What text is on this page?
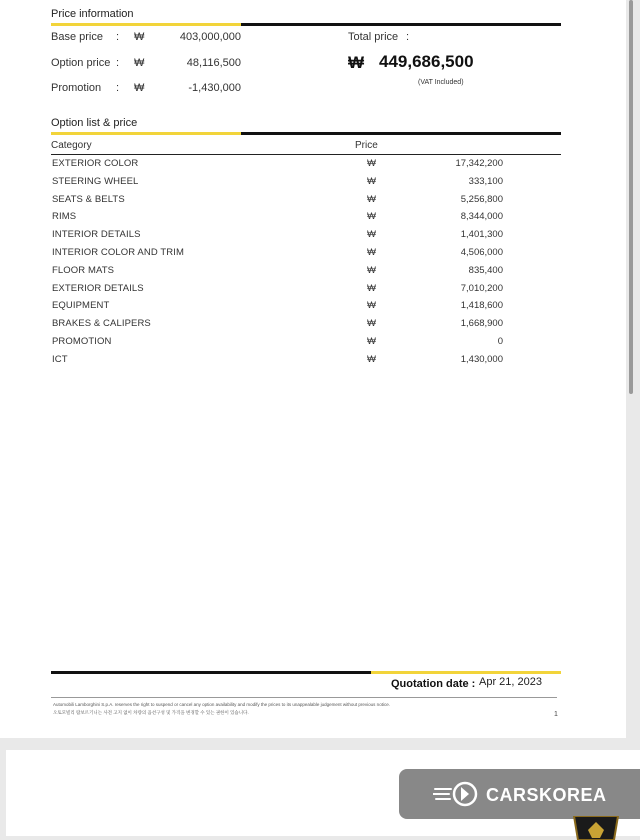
Price information
Base price : ₩	403,000,000
Option price : ₩	48,116,500
Promotion : ₩	-1,430,000
Total price :
₩ 449,686,500
(VAT Included)
Option list & price
Category	Price
EXTERIOR COLOR	₩	17,342,200
STEERING WHEEL	₩	333,100
SEATS & BELTS	₩	5,256,800
RIMS	₩	8,344,000
INTERIOR DETAILS	₩	1,401,300
INTERIOR COLOR AND TRIM	₩	4,506,000
FLOOR MATS	₩	835,400
EXTERIOR DETAILS	₩	7,010,200
EQUIPMENT	₩	1,418,600
BRAKES & CALIPERS	₩	1,668,900
PROMOTION	₩	0
ICT	₩	1,430,000
Quotation date : Apr 21, 2023
Automobili Lamborghini S.p.A. reserves the right to suspend or cancel any option availability and modify the prices to its unappealable judgement without previous notice.
오토모빌리 람보르기니는 사전 고지 없이 차량의 옵션구성 및 가격을 변경할 수 있는 권한이 있습니다.	1
CARSKOREA
